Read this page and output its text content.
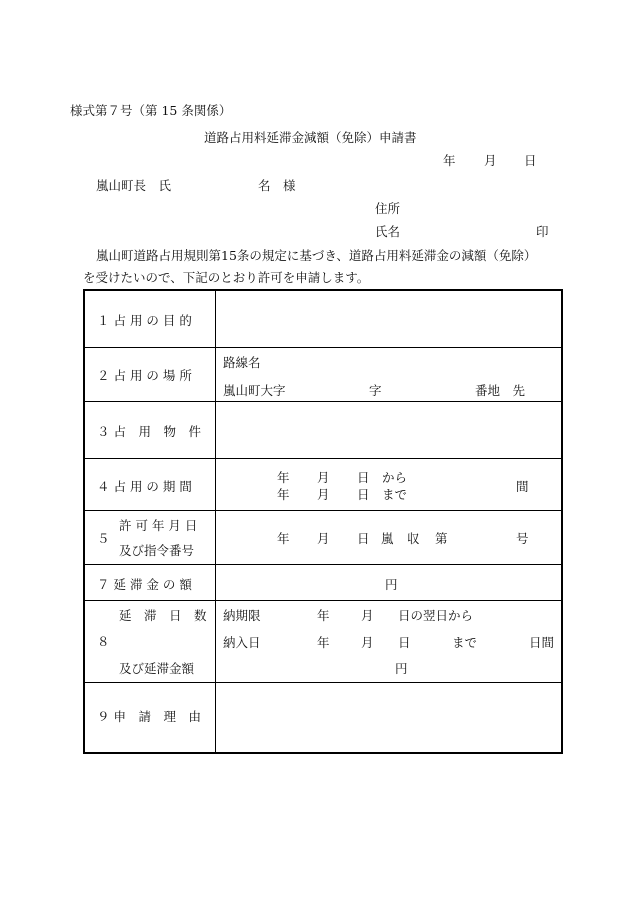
様式第７号（第 15 条関係）
道路占用料延滞金減額（免除）申請書
年 月 日
嵐山町長　氏	名　様
住所
氏名	印
嵐山町道路占用規則第15条の規定に基づき、道路占用料延滞金の減額（免除）
を受けたいので、下記のとおり許可を申請します。
１ 占 用 の 目 的
２ 占 用 の 場 所
路線名
嵐山町大字	字	番地　先
３ 占　用　物　件
４ 占 用 の 期 間
年 月 日　から
年 月 日　まで
間
５
許 可 年 月 日
及び指令番号
年 月 日 嵐 収 第	号
７ 延 滞 金 の 額	円
８
延　滞　日　数
及び延滞金額
納期限	年	月 日の翌日から
納入日	年	月 日	まで	日間
円
９ 申　請　理　由
